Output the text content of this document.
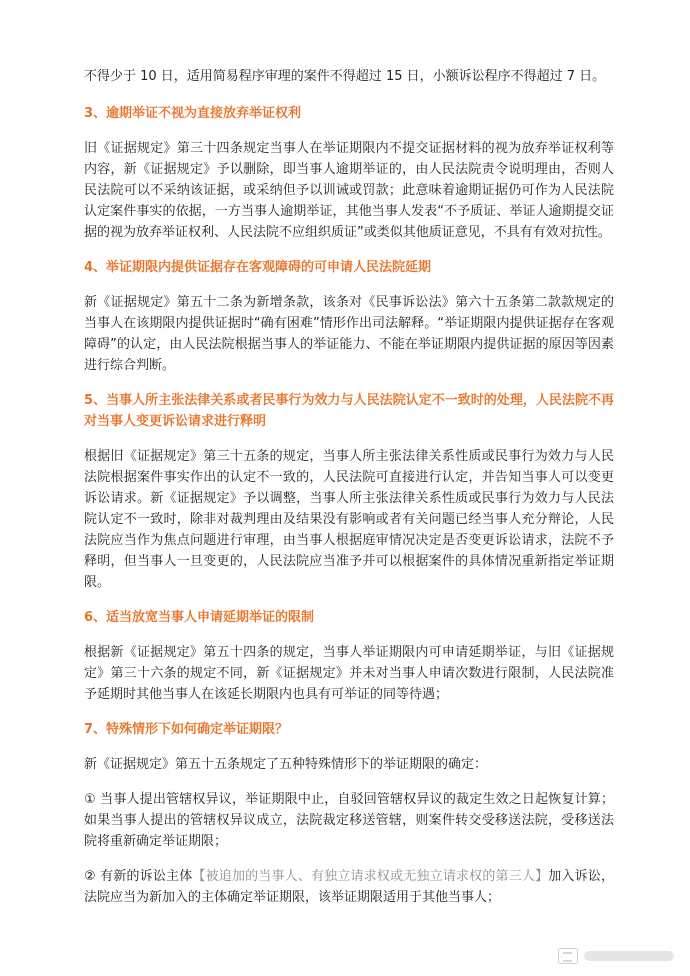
不得少于 10 日，适用简易程序审理的案件不得超过 15 日，小额诉讼程序不得超过 7 日。

3、逾期举证不视为直接放弃举证权利

旧《证据规定》第三十四条规定当事人在举证期限内不提交证据材料的视为放弃举证权利等内容，新《证据规定》予以删除，即当事人逾期举证的，由人民法院责令说明理由，否则人民法院可以不采纳该证据，或采纳但予以训诫或罚款；此意味着逾期证据仍可作为人民法院认定案件事实的依据，一方当事人逾期举证，其他当事人发表“不予质证、举证人逾期提交证据的视为放弃举证权利、人民法院不应组织质证”或类似其他质证意见，不具有有效对抗性。

4、举证期限内提供证据存在客观障碍的可申请人民法院延期

新《证据规定》第五十二条为新增条款，该条对《民事诉讼法》第六十五条第二款款规定的当事人在该期限内提供证据时“确有困难”情形作出司法解释。“举证期限内提供证据存在客观障碍”的认定，由人民法院根据当事人的举证能力、不能在举证期限内提供证据的原因等因素进行综合判断。

5、当事人所主张法律关系或者民事行为效力与人民法院认定不一致时的处理，人民法院不再对当事人变更诉讼请求进行释明

根据旧《证据规定》第三十五条的规定，当事人所主张法律关系性质或民事行为效力与人民法院根据案件事实作出的认定不一致的，人民法院可直接进行认定，并告知当事人可以变更诉讼请求。新《证据规定》予以调整，当事人所主张法律关系性质或民事行为效力与人民法院认定不一致时，除非对裁判理由及结果没有影响或者有关问题已经当事人充分辩论，人民法院应当作为焦点问题进行审理，由当事人根据庭审情况决定是否变更诉讼请求，法院不予释明，但当事人一旦变更的，人民法院应当准予并可以根据案件的具体情况重新指定举证期限。

6、适当放宽当事人申请延期举证的限制

根据新《证据规定》第五十四条的规定，当事人举证期限内可申请延期举证，与旧《证据规定》第三十六条的规定不同，新《证据规定》并未对当事人申请次数进行限制，人民法院准予延期时其他当事人在该延长期限内也具有可举证的同等待遇；

7、特殊情形下如何确定举证期限？

新《证据规定》第五十五条规定了五种特殊情形下的举证期限的确定：

① 当事人提出管辖权异议，举证期限中止，自驳回管辖权异议的裁定生效之日起恢复计算；如果当事人提出的管辖权异议成立，法院裁定移送管辖，则案件转交受移送法院，受移送法院将重新确定举证期限；

② 有新的诉讼主体【被追加的当事人、有独立请求权或无独立请求权的第三人】加入诉讼，法院应当为新加入的主体确定举证期限，该举证期限适用于其他当事人；
